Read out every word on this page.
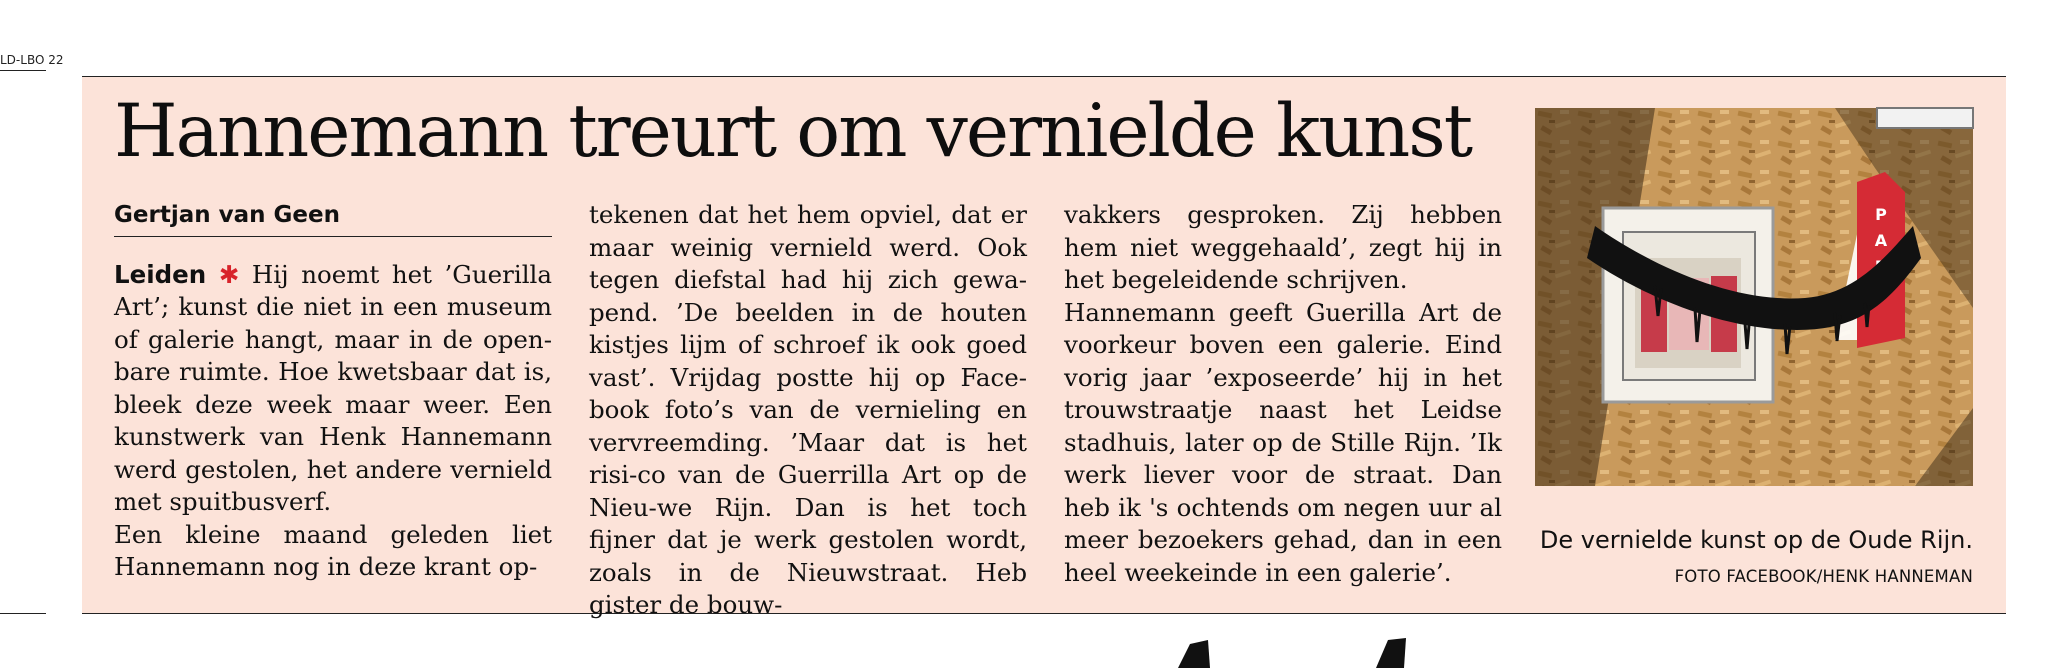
LD-LBO 22
Hannemann treurt om vernielde kunst
Gertjan van Geen

Leiden ✱ Hij noemt het ’Guerilla Art’; kunst die niet in een museum of galerie hangt, maar in de open-bare ruimte. Hoe kwetsbaar dat is, bleek deze week maar weer. Een kunstwerk van Henk Hannemann werd gestolen, het andere vernield met spuitbusverf.

Een kleine maand geleden liet Hannemann nog in deze krant op-

tekenen dat het hem opviel, dat er maar weinig vernield werd. Ook tegen diefstal had hij zich gewa-pend. ’De beelden in de houten kistjes lijm of schroef ik ook goed vast’. Vrijdag postte hij op Face-book foto’s van de vernieling en vervreemding. ’Maar dat is het risi-co van de Guerrilla Art op de Nieu-we Rijn. Dan is het toch fijner dat je werk gestolen wordt, zoals in de Nieuwstraat. Heb gister de bouw-

vakkers gesproken. Zij hebben hem niet weggehaald’, zegt hij in het begeleidende schrijven.

Hannemann geeft Guerilla Art de voorkeur boven een galerie. Eind vorig jaar ’exposeerde’ hij in het trouwstraatje naast het Leidse stadhuis, later op de Stille Rijn. ’Ik werk liever voor de straat. Dan heb ik 's ochtends om negen uur al meer bezoekers gehad, dan in een heel weekeinde in een galerie’.

P
A
De vernielde kunst op de Oude Rijn.
FOTO FACEBOOK/HENK HANNEMAN
